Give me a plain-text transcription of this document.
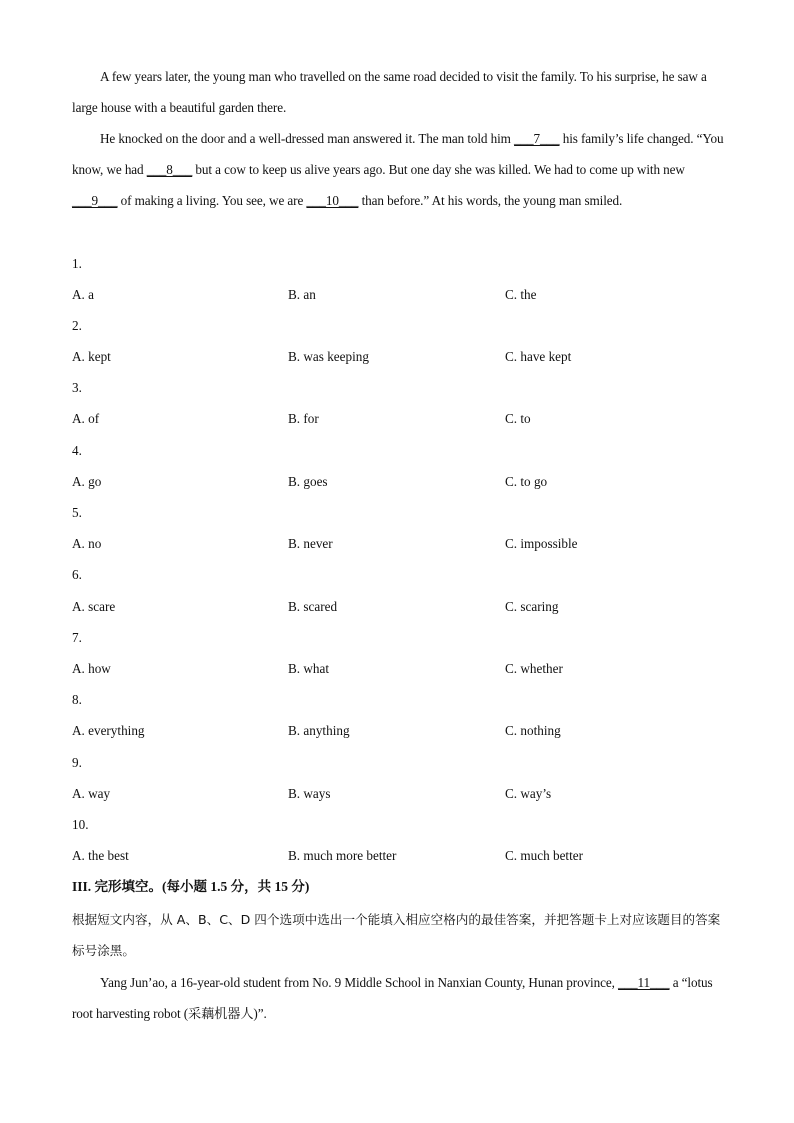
A few years later, the young man who travelled on the same road decided to visit the family. To his surprise, he saw a large house with a beautiful garden there.

He knocked on the door and a well-dressed man answered it. The man told him ___7___ his family’s life changed. “You know, we had ___8___ but a cow to keep us alive years ago. But one day she was killed. We had to come up with new ___9___ of making a living. You see, we are ___10___ than before.” At his words, the young man smiled.

1.
A. a	B. an	C. the
2.
A. kept	B. was keeping	C. have kept
3.
A. of	B. for	C. to
4.
A. go	B. goes	C. to go
5.
A. no	B. never	C. impossible
6.
A. scare	B. scared	C. scaring
7.
A. how	B. what	C. whether
8.
A. everything	B. anything	C. nothing
9.
A. way	B. ways	C. way’s
10.
A. the best	B. much more better	C. much better
III. 完形填空。(每小题 1.5 分，共 15 分)

根据短文内容，从 A、B、C、D 四个选项中选出一个能填入相应空格内的最佳答案，并把答题卡上对应该题目的答案标号涂黑。

Yang Jun’ao, a 16-year-old student from No. 9 Middle School in Nanxian County, Hunan province, ___11___ a “lotus root harvesting robot (采藕机器人)”.
